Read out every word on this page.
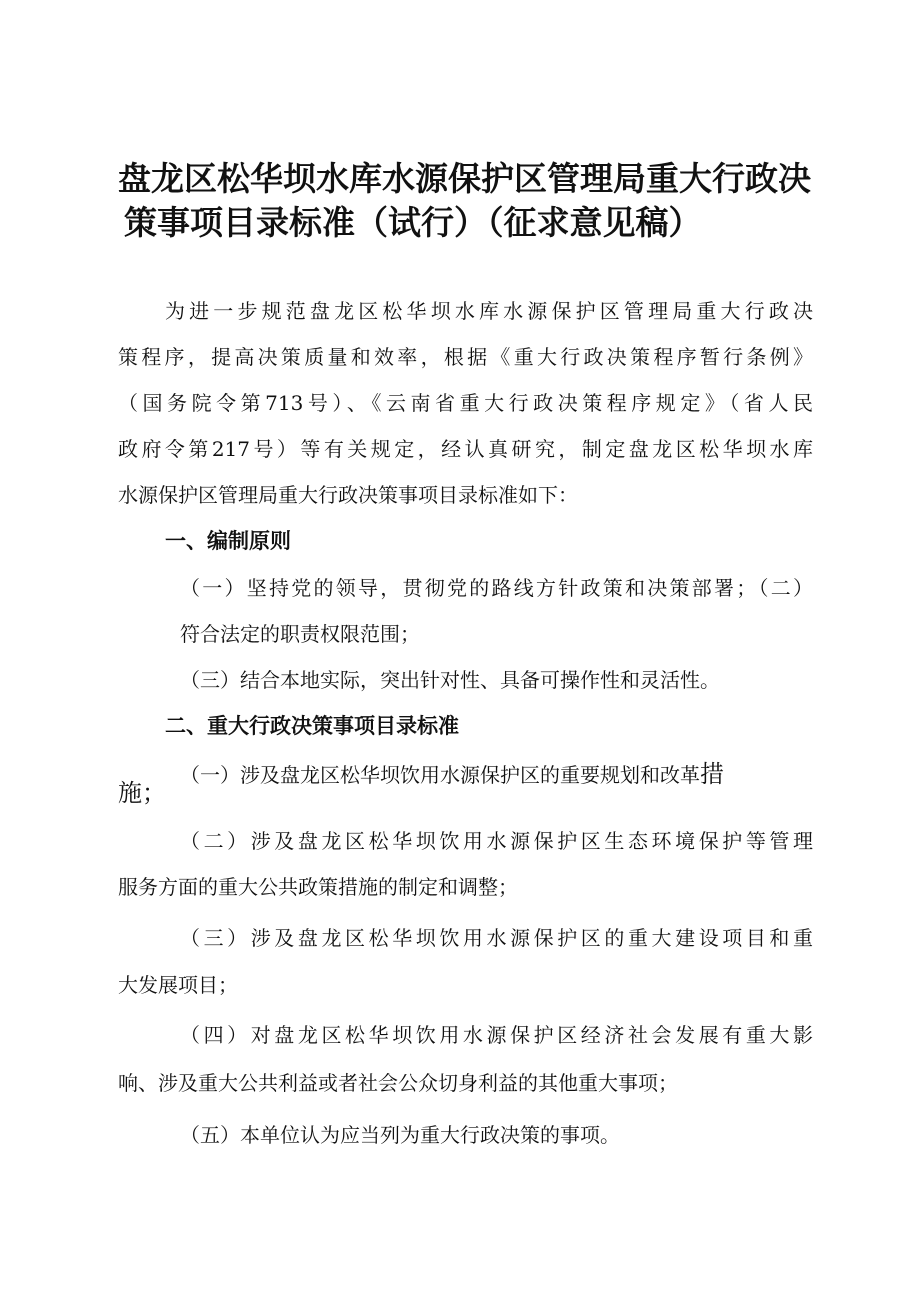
盘龙区松华坝水库水源保护区管理局重大行政决
策事项目录标准（试行）（征求意见稿）
为进一步规范盘龙区松华坝水库水源保护区管理局重大行政决
策程序，提高决策质量和效率，根据《重大行政决策程序暂行条例》
（国务院令第713号）、《云南省重大行政决策程序规定》（省人民
政府令第217号）等有关规定，经认真研究，制定盘龙区松华坝水库
水源保护区管理局重大行政决策事项目录标准如下：
一、编制原则
（一）坚持党的领导，贯彻党的路线方针政策和决策部署；（二）
符合法定的职责权限范围；
（三）结合本地实际，突出针对性、具备可操作性和灵活性。
二、重大行政决策事项目录标准
（一）涉及盘龙区松华坝饮用水源保护区的重要规划和改革措
施；
（二）涉及盘龙区松华坝饮用水源保护区生态环境保护等管理
服务方面的重大公共政策措施的制定和调整；
（三）涉及盘龙区松华坝饮用水源保护区的重大建设项目和重
大发展项目；
（四）对盘龙区松华坝饮用水源保护区经济社会发展有重大影
响、涉及重大公共利益或者社会公众切身利益的其他重大事项；
（五）本单位认为应当列为重大行政决策的事项。
